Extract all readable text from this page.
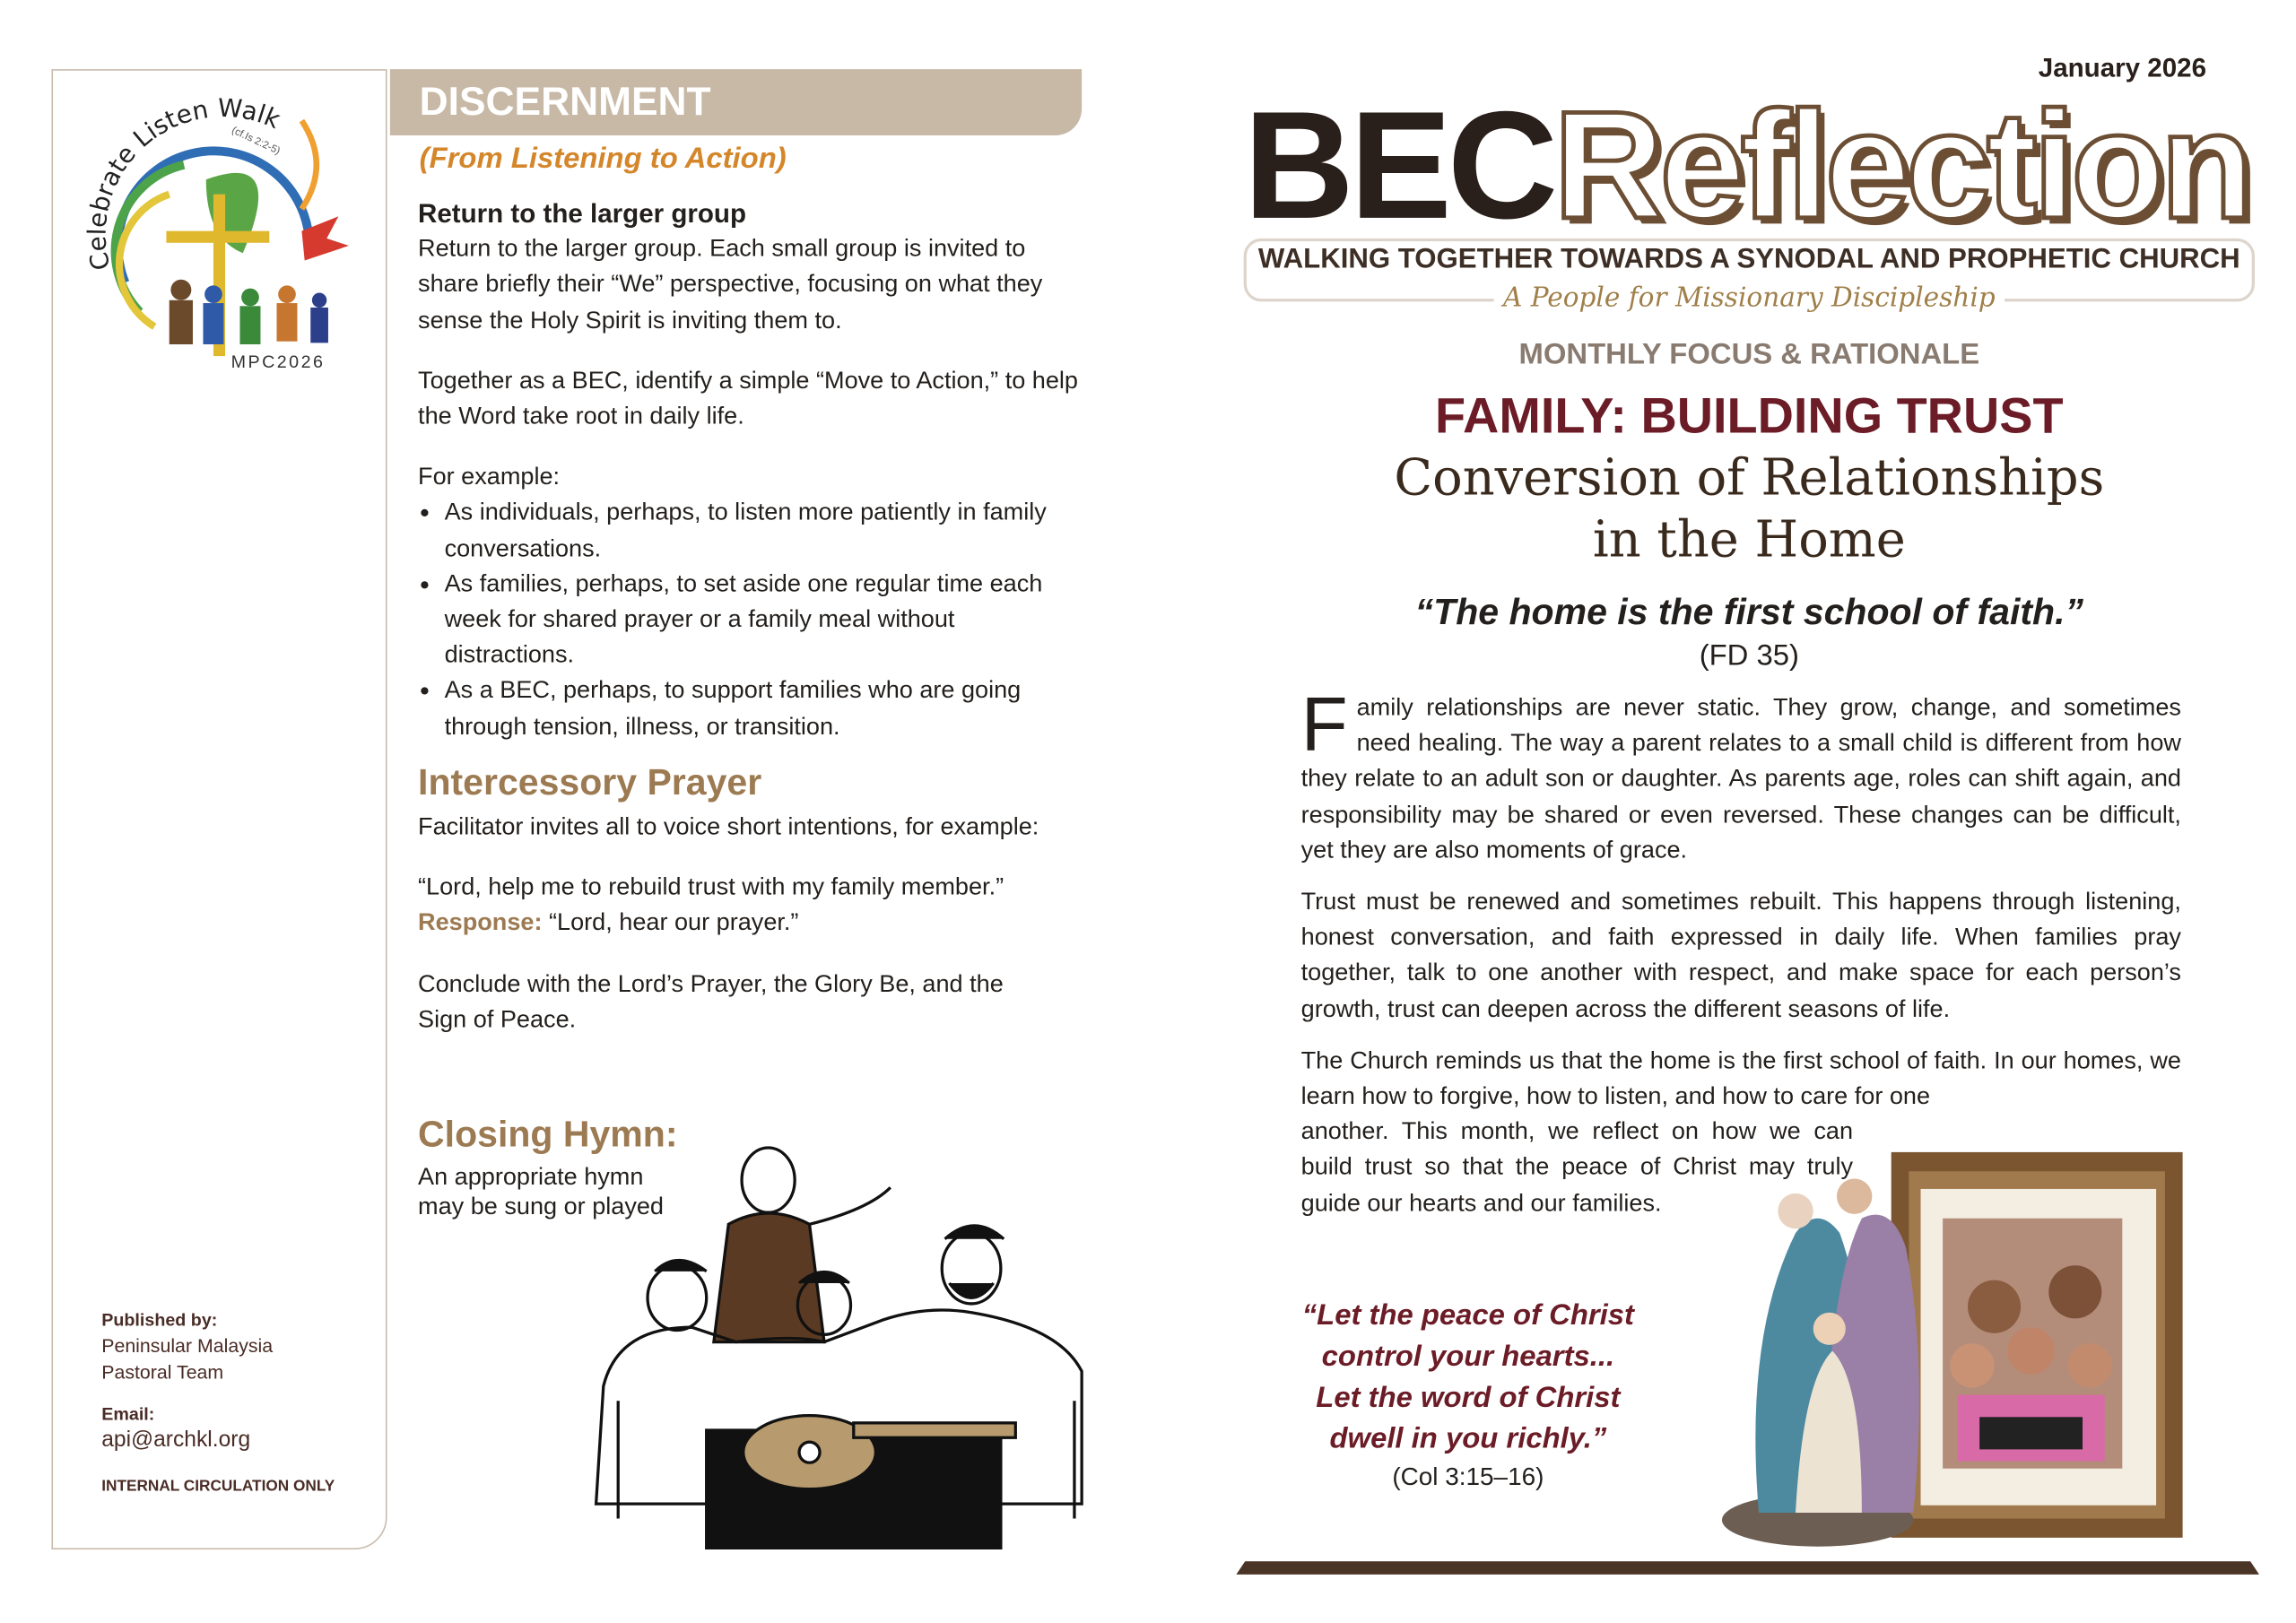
Celebrate Listen Walk
(cf.Is 2:2-5)
MPC2026
DISCERNMENT
(From Listening to Action)
Return to the larger group

Return to the larger group. Each small group is invited to share briefly their “We” perspective, focusing on what they sense the Holy Spirit is inviting them to.

Together as a BEC, identify a simple “Move to Action,” to help the Word take root in daily life.

For example:

• As individuals, perhaps, to listen more patiently in family conversations.
• As families, perhaps, to set aside one regular time each week for shared prayer or a family meal without distractions.
• As a BEC, perhaps, to support families who are going through tension, illness, or transition.
Intercessory Prayer

Facilitator invites all to voice short intentions, for example:

“Lord, help me to rebuild trust with my family member.”

Response: “Lord, hear our prayer.”

Conclude with the Lord’s Prayer, the Glory Be, and the Sign of Peace.

Closing Hymn:
An appropriate hymn
may be sung or played
Published by:
Peninsular Malaysia
Pastoral Team
Email:
api@archkl.org
INTERNAL CIRCULATION ONLY
January 2026
BECReflection
WALKING TOGETHER TOWARDS A SYNODAL AND PROPHETIC CHURCH
A People for Missionary Discipleship
MONTHLY FOCUS & RATIONALE
FAMILY: BUILDING TRUST
Conversion of Relationships
in the Home
“The home is the first school of faith.”
(FD 35)

Family relationships are never static. They grow, change, and sometimes need healing. The way a parent relates to a small child is different from how they relate to an adult son or daughter. As parents age, roles can shift again, and responsibility may be shared or even reversed. These changes can be difficult, yet they are also moments of grace.

Trust must be renewed and sometimes rebuilt. This happens through listening, honest conversation, and faith expressed in daily life. When families pray together, talk to one another with respect, and make space for each person’s growth, trust can deepen across the different seasons of life.

The Church reminds us that the home is the first school of faith. In our homes, we learn how to forgive, how to listen, and how to care for one

another. This month, we reflect on how we can build trust so that the peace of Christ may truly guide our hearts and our families.

“Let the peace of Christ
control your hearts...
Let the word of Christ
dwell in you richly.”
(Col 3:15–16)
